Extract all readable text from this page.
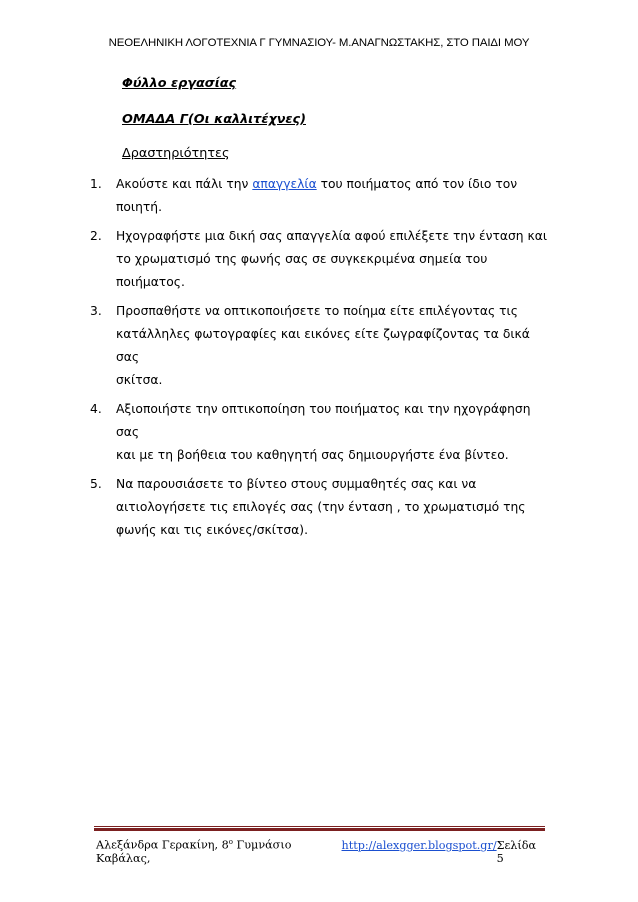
ΝΕΟΕΛΗΝΙΚΗ ΛΟΓΟΤΕΧΝΙΑ Γ ΓΥΜΝΑΣΙΟΥ- Μ.ΑΝΑΓΝΩΣΤΑΚΗΣ, ΣΤΟ ΠΑΙΔΙ ΜΟΥ
Φύλλο εργασίας
ΟΜΑΔΑ Γ(Οι καλλιτέχνες)
Δραστηριότητες
1. Ακούστε και πάλι την απαγγελία του ποιήματος από τον ίδιο τον
ποιητή.
2. Ηχογραφήστε μια δική σας απαγγελία αφού επιλέξετε την ένταση και
το χρωματισμό της φωνής σας σε συγκεκριμένα σημεία του ποιήματος.
3. Προσπαθήστε να οπτικοποιήσετε το ποίημα είτε επιλέγοντας τις
κατάλληλες φωτογραφίες και εικόνες είτε ζωγραφίζοντας τα δικά σας
σκίτσα.
4. Αξιοποιήστε την οπτικοποίηση του ποιήματος και την ηχογράφηση σας
και με τη βοήθεια του καθηγητή σας δημιουργήστε ένα βίντεο.
5. Να παρουσιάσετε το βίντεο στους συμμαθητές σας και να
αιτιολογήσετε τις επιλογές σας (την ένταση , το χρωματισμό της
φωνής και τις εικόνες/σκίτσα).
Αλεξάνδρα Γερακίνη, $8^o$ Γυμνάσιο Καβάλας,
http://alexgger.blogspot.gr/ Σελίδα 5
